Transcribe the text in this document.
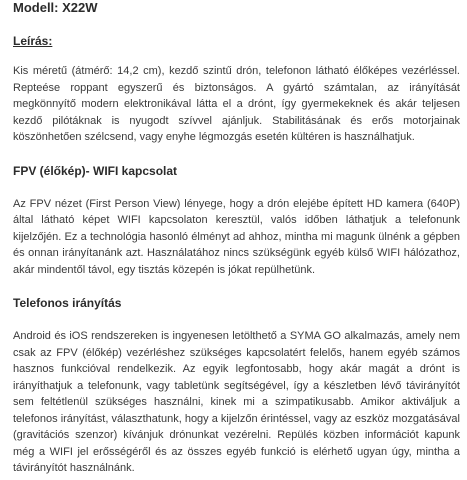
Modell: X22W

Leírás:

Kis méretű (átmérő: 14,2 cm), kezdő szintű drón, telefonon látható élőképes vezérléssel. Repteése roppant egyszerű és biztonságos. A gyártó számtalan, az irányítását megkönnyítő modern elektronikával látta el a drónt, így gyermekeknek és akár teljesen kezdő pilótáknak is nyugodt szívvel ajánljuk. Stabilitásának és erős motorjainak köszönhetően szélcsend, vagy enyhe légmozgás esetén kültéren is használhatjuk.

FPV (élőkép)- WIFI kapcsolat

Az FPV nézet (First Person View) lényege, hogy a drón elejébe épített HD kamera (640P) által látható képet WIFI kapcsolaton keresztül, valós időben láthatjuk a telefonunk kijelzőjén. Ez a technológia hasonló élményt ad ahhoz, mintha mi magunk ülnénk a gépben és onnan irányítanánk azt. Használatához nincs szükségünk egyéb külső WIFI hálózathoz, akár mindentől távol, egy tisztás közepén is jókat repülhetünk.

Telefonos irányítás

Android és iOS rendszereken is ingyenesen letölthető a SYMA GO alkalmazás, amely nem csak az FPV (élőkép) vezérléshez szükséges kapcsolatért felelős, hanem egyéb számos hasznos funkcióval rendelkezik. Az egyik legfontosabb, hogy akár magát a drónt is irányíthatjuk a telefonunk, vagy tabletünk segítségével, így a készletben lévő távirányítót sem feltétlenül szükséges használni, kinek mi a szimpatikusabb. Amikor aktiváljuk a telefonos irányítást, választhatunk, hogy a kijelzőn érintéssel, vagy az eszköz mozgatásával (gravitációs szenzor) kívánjuk drónunkat vezérelni. Repülés közben információt kapunk még a WIFI jel erősségéről és az összes egyéb funkció is elérhető ugyan úgy, mintha a távirányítót használnánk.
